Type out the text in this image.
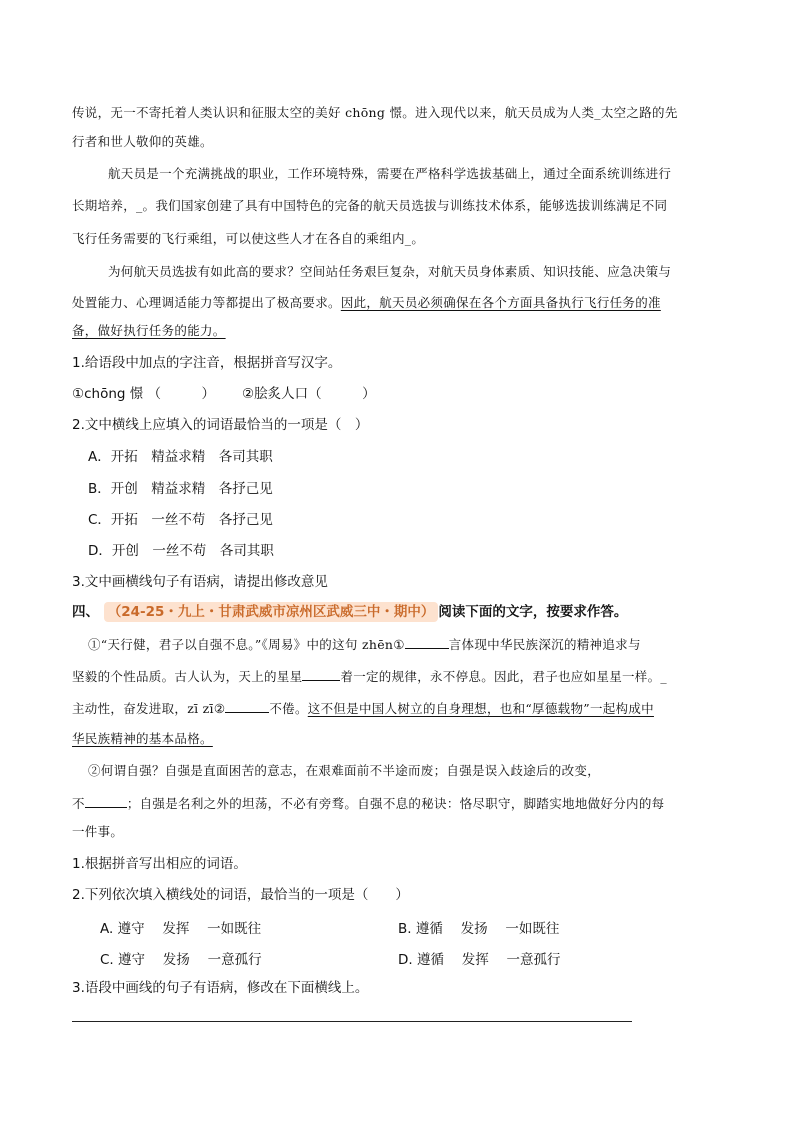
传说，无一不寄托着人类认识和征服太空的美好 chōng 憬。进入现代以来，航天员成为人类_太空之路的先
行者和世人敬仰的英雄。
航天员是一个充满挑战的职业，工作环境特殊，需要在严格科学选拔基础上，通过全面系统训练进行
长期培养，_。我们国家创建了具有中国特色的完备的航天员选拔与训练技术体系，能够选拔训练满足不同
飞行任务需要的飞行乘组，可以使这些人才在各自的乘组内_。
为何航天员选拔有如此高的要求？空间站任务艰巨复杂，对航天员身体素质、知识技能、应急决策与
处置能力、心理调适能力等都提出了极高要求。因此，航天员必须确保在各个方面具备执行飞行任务的准
备，做好执行任务的能力。
1.给语段中加点的字注音，根据拼音写汉字。
①chōng 憬 （　　　） ②脍炙人口（　　　）
2.文中横线上应填入的词语最恰当的一项是（　）
A．开拓　精益求精　各司其职
B．开创　精益求精　各抒己见
C．开拓　一丝不苟　各抒己见
D．开创　一丝不苟　各司其职
3.文中画横线句子有语病，请提出修改意见
四、 （24-25・九上・甘肃武威市凉州区武威三中・期中） 阅读下面的文字，按要求作答。
①“天行健，君子以自强不息。”《周易》中的这句 zhēn①	言体现中华民族深沉的精神追求与
坚毅的个性品质。古人认为，天上的星星	着一定的规律，永不停息。因此，君子也应如星星一样。_
主动性，奋发进取，zī zī②	不倦。这不但是中国人树立的自身理想，也和“厚德载物”一起构成中
华民族精神的基本品格。
②何谓自强？自强是直面困苦的意志，在艰难面前不半途而废；自强是误入歧途后的改变，
不	；自强是名利之外的坦荡，不必有旁骛。自强不息的秘诀：恪尽职守，脚踏实地地做好分内的每
一件事。
1.根据拼音写出相应的词语。
2.下列依次填入横线处的词语，最恰当的一项是（　　）
A. 遵守　 发挥　 一如既往	B. 遵循　 发扬　 一如既往
C. 遵守　 发扬　 一意孤行	D. 遵循　 发挥　 一意孤行
3.语段中画线的句子有语病，修改在下面横线上。
